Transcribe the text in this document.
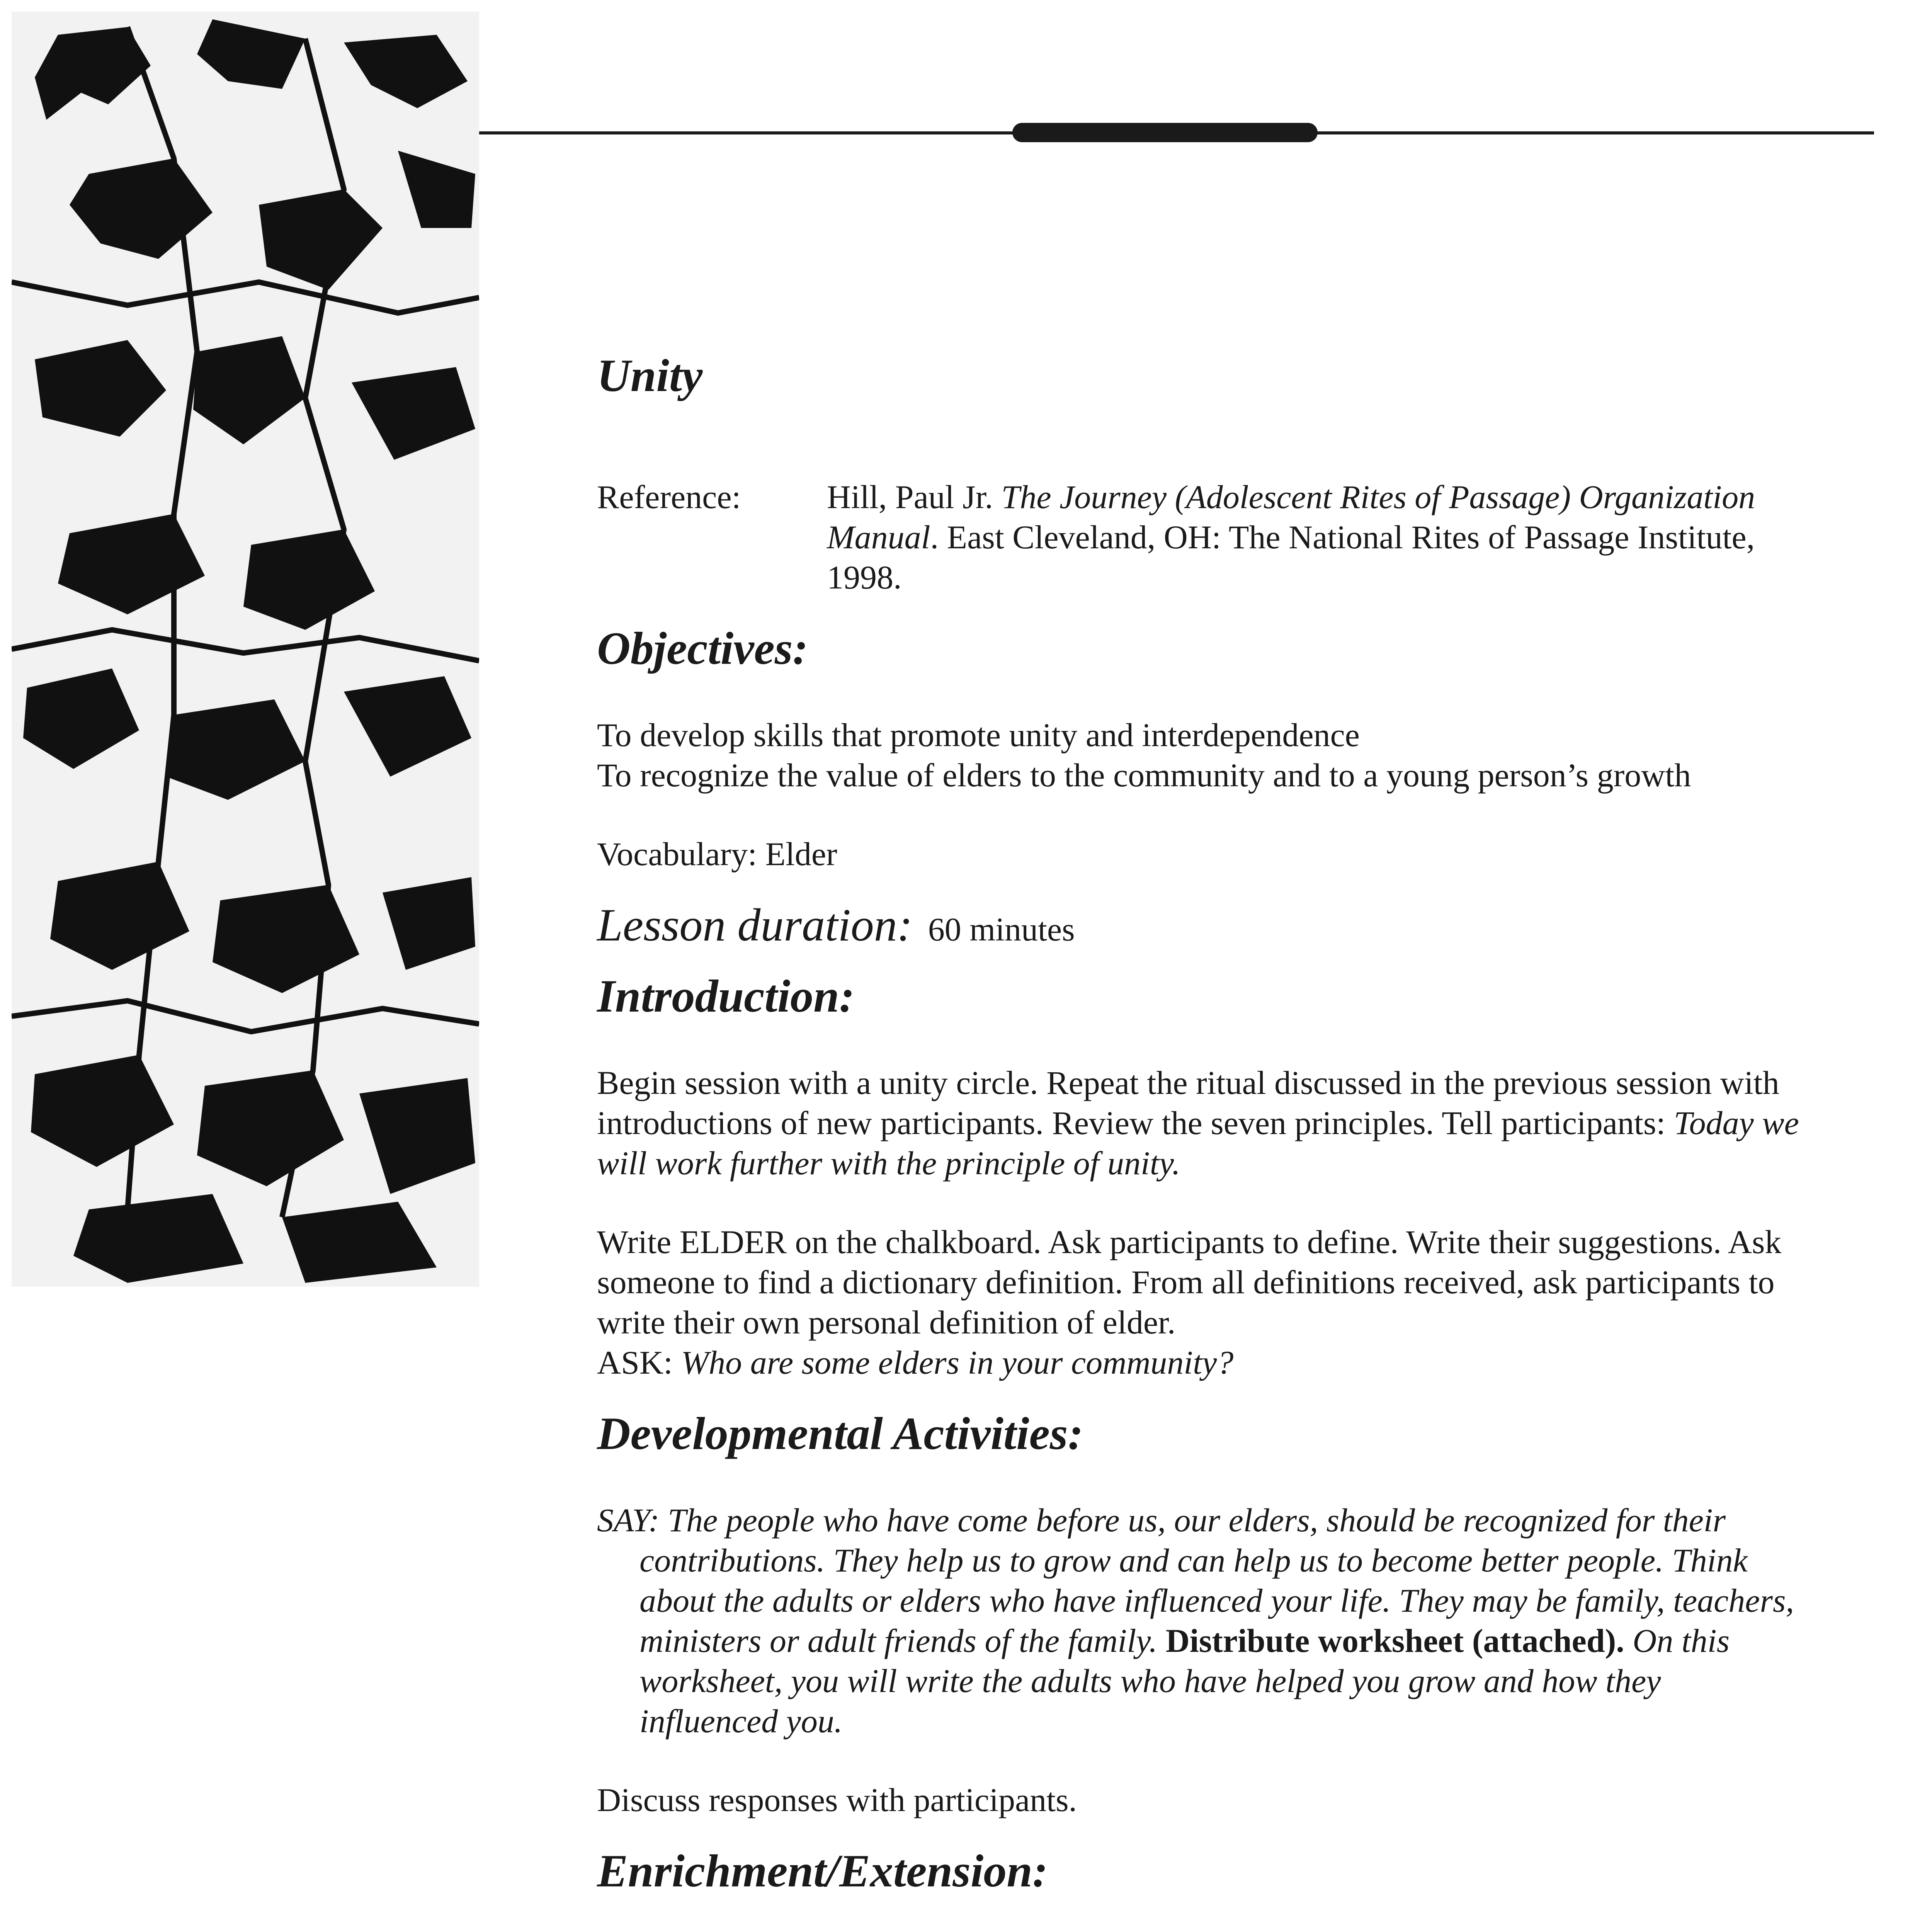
Unity
Reference:	Hill, Paul Jr. The Journey (Adolescent Rites of Passage) Organization Manual. East Cleveland, OH: The National Rites of Passage Institute, 1998.
Objectives:

To develop skills that promote unity and interdependence

To recognize the value of elders to the community and to a young person’s growth

Vocabulary: Elder

Lesson duration: 60 minutes
Introduction:

Begin session with a unity circle. Repeat the ritual discussed in the previous session with introductions of new participants. Review the seven principles. Tell participants: Today we will work further with the principle of unity.

Write ELDER on the chalkboard. Ask participants to define. Write their suggestions. Ask someone to find a dictionary definition. From all definitions received, ask participants to write their own personal definition of elder.

ASK: Who are some elders in your community?

Developmental Activities:

SAY: The people who have come before us, our elders, should be recognized for their contributions. They help us to grow and can help us to become better people. Think about the adults or elders who have influenced your life. They may be family, teachers, ministers or adult friends of the family. Distribute worksheet (attached). On this worksheet, you will write the adults who have helped you grow and how they influenced you.

Discuss responses with participants.

Enrichment/Extension:
